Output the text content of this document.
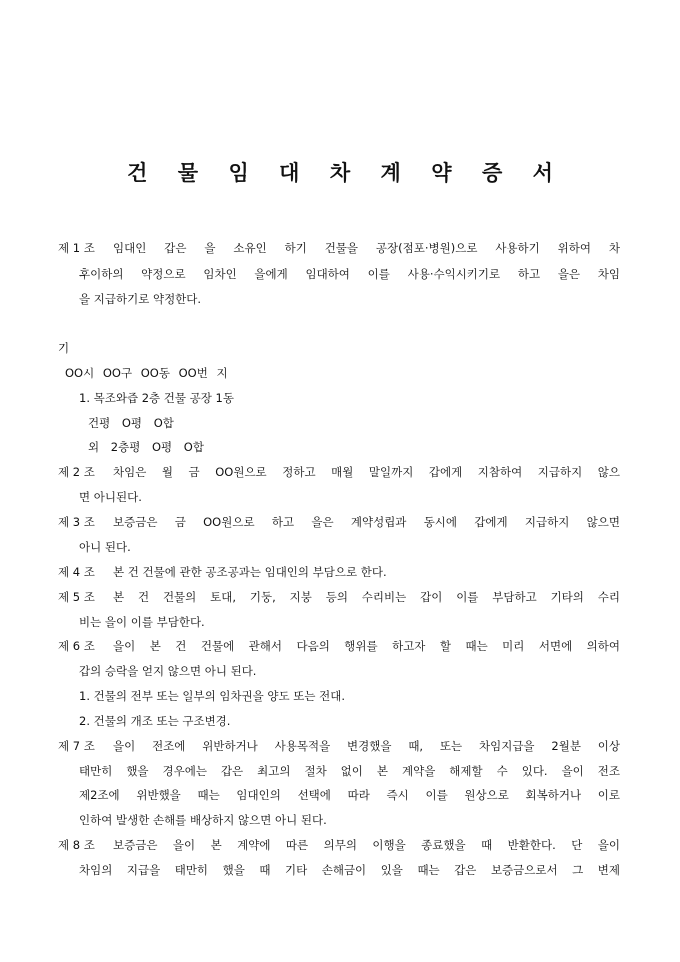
건 물 임 대 차 계 약 증 서
제 1 조 임대인 갑은 을 소유인 하기 건물을 공장(점포·병원)으로 사용하기 위하여 차
후이하의 약정으로 임차인 을에게 임대하여 이를 사용·수익시키기로 하고 을은 차임
을 지급하기로 약정한다.
기
OO시 OO구 OO동 OO번 지
1. 목조와즙 2층 건물 공장 1동
건평 O평 O합
외 2층평 O평 O합
제 2 조 차임은 월 금 OO원으로 정하고 매월 말일까지 갑에게 지참하여 지급하지 않으
면 아니된다.
제 3 조 보증금은 금 OO원으로 하고 을은 계약성립과 동시에 갑에게 지급하지 않으면
아니 된다.
제 4 조 본 건 건물에 관한 공조공과는 임대인의 부담으로 한다.
제 5 조 본 건 건물의 토대, 기둥, 지붕 등의 수리비는 갑이 이를 부담하고 기타의 수리
비는 을이 이를 부담한다.
제 6 조 을이 본 건 건물에 관해서 다음의 행위를 하고자 할 때는 미리 서면에 의하여
갑의 승락을 얻지 않으면 아니 된다.
1. 건물의 전부 또는 일부의 임차권을 양도 또는 전대.
2. 건물의 개조 또는 구조변경.
제 7 조 을이 전조에 위반하거나 사용목적을 변경했을 때, 또는 차임지급을 2월분 이상
태만히 했을 경우에는 갑은 최고의 절차 없이 본 계약을 해제할 수 있다. 을이 전조
제2조에 위반했을 때는 임대인의 선택에 따라 즉시 이를 원상으로 회복하거나 이로
인하여 발생한 손해를 배상하지 않으면 아니 된다.
제 8 조 보증금은 을이 본 계약에 따른 의무의 이행을 종료했을 때 반환한다. 단 을이
차임의 지급을 태만히 했을 때 기타 손해금이 있을 때는 갑은 보증금으로서 그 변제
